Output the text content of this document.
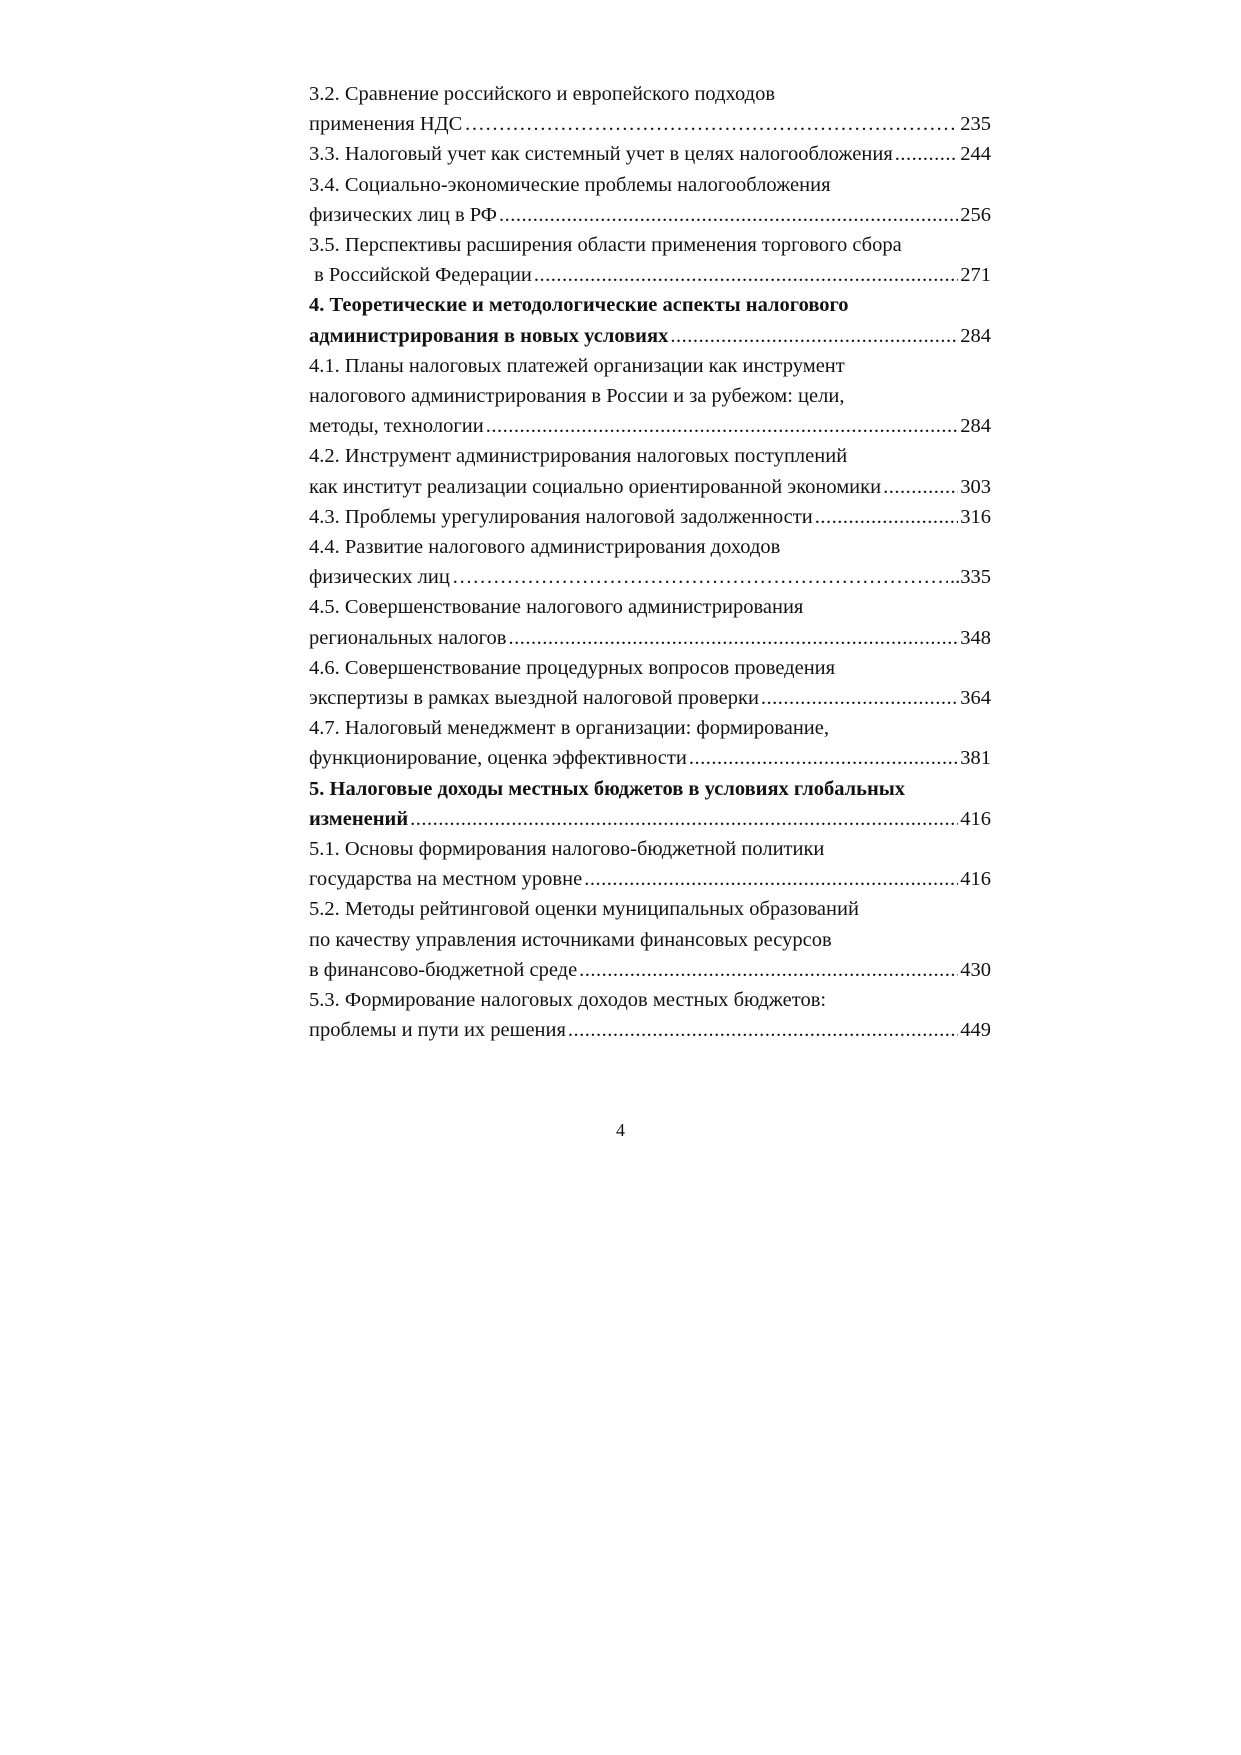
3.2. Сравнение российского и европейского подходов
применения НДС ………………………………………………………………………………………………………………………………………………………………………	235
3.3. Налоговый учет как системный учет в целях налогообложения .....	244
3.4. Социально-экономические проблемы налогообложения
физических лиц в РФ .....	256
3.5. Перспективы расширения области применения торгового сбора
в Российской Федерации .....	271
4. Теоретические и методологические аспекты налогового
администрирования в новых условиях .....	284
4.1. Планы налоговых платежей организации как инструмент
налогового администрирования в России и за рубежом: цели,
методы, технологии .....	284
4.2. Инструмент администрирования налоговых поступлений
как институт реализации социально ориентированной экономики .....	303
4.3. Проблемы урегулирования налоговой задолженности .....	316
4.4. Развитие налогового администрирования доходов
физических лиц ………………………………………………………………………………………………………………………………………………………………………	..335
4.5. Совершенствование налогового администрирования
региональных налогов .....	348
4.6. Совершенствование процедурных вопросов проведения
экспертизы в рамках выездной налоговой проверки .....	364
4.7. Налоговый менеджмент в организации: формирование,
функционирование, оценка эффективности .....	381
5. Налоговые доходы местных бюджетов в условиях глобальных
изменений .....	416
5.1. Основы формирования налогово-бюджетной политики
государства на местном уровне .....	416
5.2. Методы рейтинговой оценки муниципальных образований
по качеству управления источниками финансовых ресурсов
в финансово-бюджетной среде .....	430
5.3. Формирование налоговых доходов местных бюджетов:
проблемы и пути их решения .....	449
4
